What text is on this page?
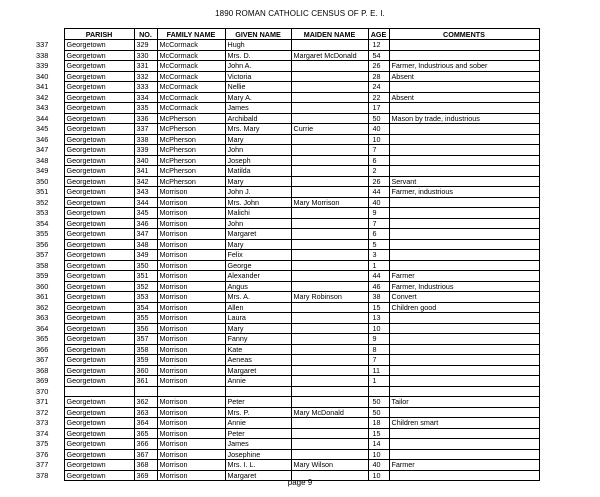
1890 ROMAN CATHOLIC CENSUS OF P. E. I.
	PARISH	NO.	FAMILY NAME	GIVEN NAME	MAIDEN NAME	AGE	COMMENTS
337	Georgetown	329	McCormack	Hugh		12	
338	Georgetown	330	McCormack	Mrs. D.	Margaret McDonald	54	
339	Georgetown	331	McCormack	John A.		26	Farmer, Industrious and sober
340	Georgetown	332	McCormack	Victoria		28	Absent
341	Georgetown	333	McCormack	Nellie		24	
342	Georgetown	334	McCormack	Mary A.		22	Absent
343	Georgetown	335	McCormack	James		17	
344	Georgetown	336	McPherson	Archibald		50	Mason by trade, industrious
345	Georgetown	337	McPherson	Mrs. Mary	Currie	40	
346	Georgetown	338	McPherson	Mary		10	
347	Georgetown	339	McPherson	John		7	
348	Georgetown	340	McPherson	Joseph		6	
349	Georgetown	341	McPherson	Matilda		2	
350	Georgetown	342	McPherson	Mary		26	Servant
351	Georgetown	343	Morrison	John J.		44	Farmer, industrious
352	Georgetown	344	Morrison	Mrs. John	Mary Morrison	40	
353	Georgetown	345	Morrison	Malichi		9	
354	Georgetown	346	Morrison	John		7	
355	Georgetown	347	Morrison	Margaret		6	
356	Georgetown	348	Morrison	Mary		5	
357	Georgetown	349	Morrison	Felix		3	
358	Georgetown	350	Morrison	George		1	
359	Georgetown	351	Morrison	Alexander		44	Farmer
360	Georgetown	352	Morrison	Angus		46	Farmer, Industrious
361	Georgetown	353	Morrison	Mrs. A.	Mary Robinson	38	Convert
362	Georgetown	354	Morrison	Allen		15	Children good
363	Georgetown	355	Morrison	Laura		13	
364	Georgetown	356	Morrison	Mary		10	
365	Georgetown	357	Morrison	Fanny		9	
366	Georgetown	358	Morrison	Kate		8	
367	Georgetown	359	Morrison	Aeneas		7	
368	Georgetown	360	Morrison	Margaret		11	
369	Georgetown	361	Morrison	Annie		1	
370							
371	Georgetown	362	Morrison	Peter		50	Tailor
372	Georgetown	363	Morrison	Mrs. P.	Mary McDonald	50	
373	Georgetown	364	Morrison	Annie		18	Children smart
374	Georgetown	365	Morrison	Peter		15	
375	Georgetown	366	Morrison	James		14	
376	Georgetown	367	Morrison	Josephine		10	
377	Georgetown	368	Morrison	Mrs. I. L.	Mary Wilson	40	Farmer
378	Georgetown	369	Morrison	Margaret		10	
page 9
